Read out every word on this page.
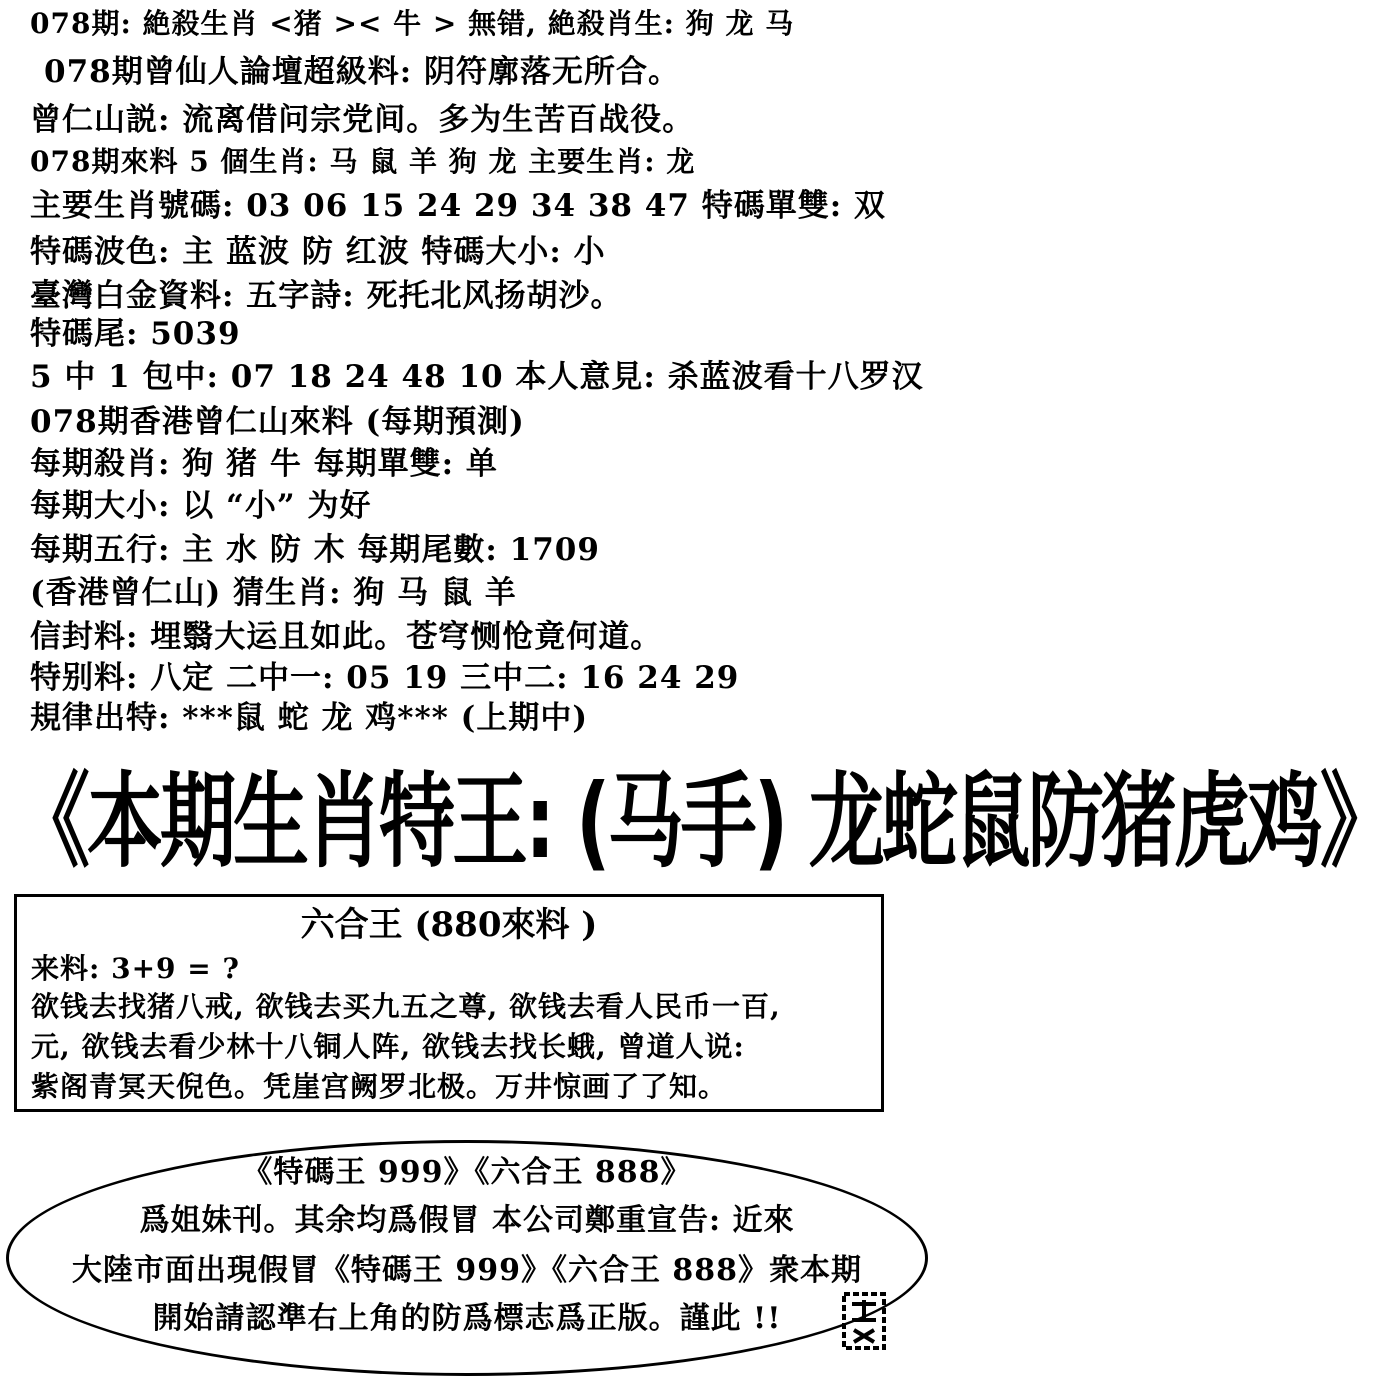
078期: 絶殺生肖 <猪 >< 牛 > 無错, 絶殺肖生: 狗 龙 马
078期曾仙人論壇超級料: 阴符廓落无所合。
曾仁山説: 流离借问宗党间。多为生苦百战役。
078期來料 5 個生肖: 马 鼠 羊 狗 龙 主要生肖: 龙
主要生肖號碼: 03 06 15 24 29 34 38 47 特碼單雙: 双
特碼波色: 主 蓝波 防 红波 特碼大小: 小
臺灣白金資料: 五字詩: 死托北风扬胡沙。
特碼尾: 5039
5 中 1 包中: 07 18 24 48 10 本人意見: 杀蓝波看十八罗汉
078期香港曾仁山來料 (每期預測)
每期殺肖: 狗 猪 牛 每期單雙: 单
每期大小: 以 “小” 为好
每期五行: 主 水 防 木 每期尾數: 1709
(香港曾仁山) 猜生肖: 狗 马 鼠 羊
信封料: 埋翳大运且如此。苍穹恻怆竟何道。
特别料: 八定 二中一: 05 19 三中二: 16 24 29
規律出特: ***鼠 蛇 龙 鸡*** (上期中)
《本期生肖特王: (马手) 龙蛇鼠防猪虎鸡》
六合王 (880來料 )
来料: 3+9 = ?
欲钱去找猪八戒, 欲钱去买九五之尊, 欲钱去看人民币一百,
元, 欲钱去看少林十八铜人阵, 欲钱去找长蛾, 曾道人说:
紫阁青冥天倪色。凭崖宫阙罗北极。万井惊画了了知。
《特碼王 999》《六合王 888》
爲姐妹刊。其余均爲假冒 本公司鄭重宣告: 近來
大陸市面出現假冒《特碼王 999》《六合王 888》衆本期
開始請認準右上角的防爲標志爲正版。謹此 !!
